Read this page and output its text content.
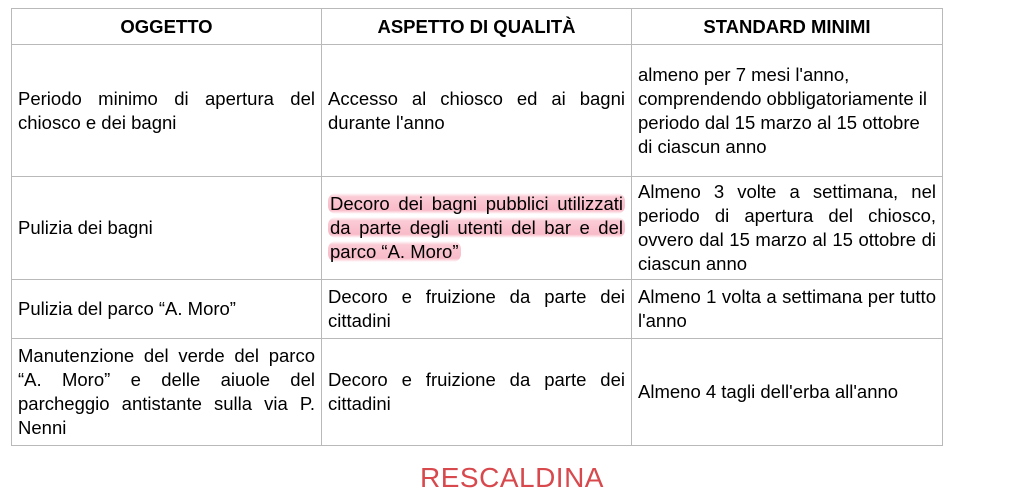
OGGETTO	ASPETTO DI QUALITÀ	STANDARD MINIMI
Periodo minimo di apertura del chiosco e dei bagni	Accesso al chiosco ed ai bagni durante l'anno	almeno per 7 mesi l'anno, comprendendo obbligatoriamente il periodo dal 15 marzo al 15 ottobre di ciascun anno
Pulizia dei bagni	Decoro dei bagni pubblici utilizzati da parte degli utenti del bar e del parco “A. Moro”	Almeno 3 volte a settimana, nel periodo di apertura del chiosco, ovvero dal 15 marzo al 15 ottobre di ciascun anno
Pulizia del parco “A. Moro”	Decoro e fruizione da parte dei cittadini	Almeno 1 volta a settimana per tutto l'anno
Manutenzione del verde del parco “A. Moro” e delle aiuole del parcheggio antistante sulla via P. Nenni	Decoro e fruizione da parte dei cittadini	Almeno 4 tagli dell'erba all'anno
RESCALDINA
